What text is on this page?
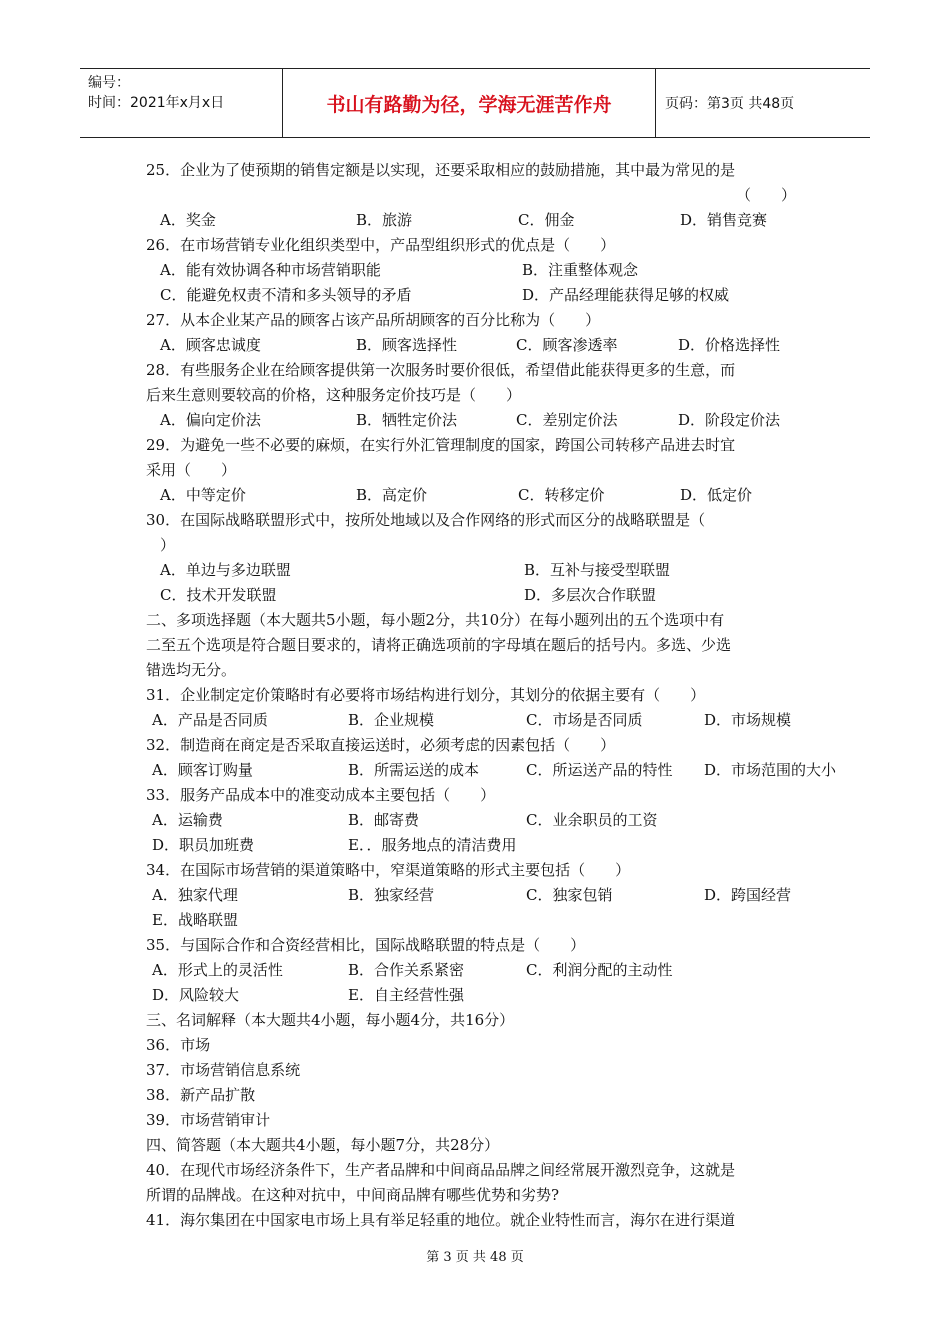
编号：
时间：2021年x月x日	书山有路勤为径，学海无涯苦作舟	页码：第3页 共48页
25．企业为了使预期的销售定额是以实现，还要采取相应的鼓励措施，其中最为常见的是
（　　）
A．奖金	B．旅游	C．佣金	D．销售竞赛
26．在市场营销专业化组织类型中，产品型组织形式的优点是（　　）
A．能有效协调各种市场营销职能	B．注重整体观念
C．能避免权责不清和多头领导的矛盾	D．产品经理能获得足够的权威
27．从本企业某产品的顾客占该产品所胡顾客的百分比称为（　　）
A．顾客忠诚度	B．顾客选择性	C．顾客渗透率	D．价格选择性
28．有些服务企业在给顾客提供第一次服务时要价很低，希望借此能获得更多的生意，而
后来生意则要较高的价格，这种服务定价技巧是（　　）
A．偏向定价法	B．牺牲定价法	C．差别定价法	D．阶段定价法
29．为避免一些不必要的麻烦，在实行外汇管理制度的国家，跨国公司转移产品进去时宜
采用（　　）
A．中等定价	B．高定价	C．转移定价	D．低定价
30．在国际战略联盟形式中，按所处地域以及合作网络的形式而区分的战略联盟是（
）
A．单边与多边联盟	B．互补与接受型联盟
C．技术开发联盟	D．多层次合作联盟
二、多项选择题（本大题共5小题，每小题2分，共10分）在每小题列出的五个选项中有
二至五个选项是符合题目要求的，请将正确选项前的字母填在题后的括号内。多选、少选
错选均无分。
31．企业制定定价策略时有必要将市场结构进行划分，其划分的依据主要有（　　）
A．产品是否同质	B．企业规模	C．市场是否同质	D．市场规模
32．制造商在商定是否采取直接运送时，必须考虑的因素包括（　　）
A．顾客订购量	B．所需运送的成本	C．所运送产品的特性 D．市场范围的大小
33．服务产品成本中的准变动成本主要包括（　　）
A．运输费	B．邮寄费	C．业余职员的工资
D．职员加班费	E．．服务地点的清洁费用
34．在国际市场营销的渠道策略中，窄渠道策略的形式主要包括（　　）
A．独家代理	B．独家经营	C．独家包销	D．跨国经营
E．战略联盟
35．与国际合作和合资经营相比，国际战略联盟的特点是（　　）
A．形式上的灵活性	B．合作关系紧密	C．利润分配的主动性
D．风险较大	E．自主经营性强
三、名词解释（本大题共4小题，每小题4分，共16分）
36．市场
37．市场营销信息系统
38．新产品扩散
39．市场营销审计
四、简答题（本大题共4小题，每小题7分，共28分）
40．在现代市场经济条件下，生产者品牌和中间商品品牌之间经常展开激烈竞争，这就是
所谓的品牌战。在这种对抗中，中间商品牌有哪些优势和劣势?
41．海尔集团在中国家电市场上具有举足轻重的地位。就企业特性而言，海尔在进行渠道
第 3 页 共 48 页
